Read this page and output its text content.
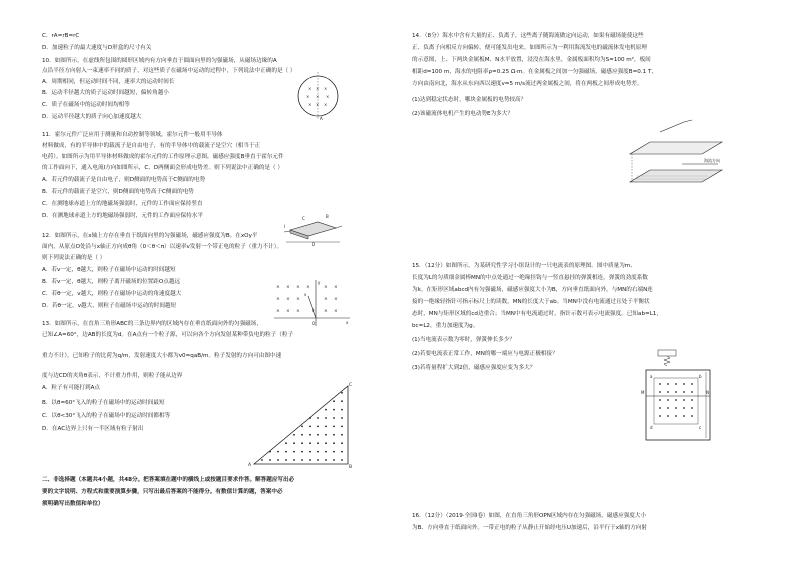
C．rA=rB=rC
D．加速粒子的最大速度与D形盒的尺寸有关
10．如图所示，在虚线所包围的圆形区域内有方向垂直于圆面向里的匀强磁场，从磁场边缘的A
点沿半径方向射入一束速率不同的质子，对这些质子在磁场中运动的过程中，下列说法中正确的是（ ）
A．周期相同，但运动时间不同，速率大的运动时间长
B．运动半径越大的质子运动时间越短，偏转角越小
C．质子在磁场中的运动时间均相等
D．运动半径越大的质子向心加速度越大
11．霍尔元件广泛应用于测量和自动控制等领域，霍尔元件一般用半导体
材料做成，有的半导体中的载流子是自由电子，有的半导体中的载流子是空穴（相当于正
电荷）。如图所示为用半导体材料做成的霍尔元件的工作原理示意图，磁感应强度B垂直于霍尔元件
的工作面向下，通入电流I方向如图所示，C、D两侧面会形成电势差。则下列说法中正确的是（ ）
A．若元件的载流子是自由电子，则D侧面的电势高于C侧面的电势
B．若元件的载流子是空穴，则D侧面的电势高于C侧面的电势
C．在测地球赤道上方的地磁场强弱时，元件的工作面应保持竖直
D．在测地球赤道上方的地磁场强弱时，元件的工作面应保持水平
12．如图所示，在x轴上方存在垂直于纸面向里的匀强磁场，磁感应强度为B。在xOy平
面内，从原点O处沿与x轴正方向成θ角（0＜θ＜π）以速率v发射一个带正电的粒子（重力不计）。
则下列说法正确的是（ ）
A．若v一定，θ越大，则粒子在磁场中运动的时间越短
B．若v一定，θ越大，则粒子离开磁场的位置距O点越远
C．若θ一定，v越大，则粒子在磁场中运动的角速度越大
D．若θ一定，v越大，则粒子在磁场中运动的时间越短
13．如图所示，在直角三角形ABC的三条边界内的区域内存在垂直纸面向外的匀强磁场，
已知∠A=60°，边AB的长度为d。在A点有一个粒子源，可以向各个方向发射某种带负电的粒子（粒子
重力不计），已知粒子的比荷为q/m，发射速度大小都为v0=qaB/m。粒子发射的方向可由图中速
度与边CD的夹角θ表示，不计重力作用，则粒子能从边界
A．粒子有可能打到A点
B．以θ=60°飞入的粒子在磁场中的运动时间最短
C．以θ<30°飞入的粒子在磁场中的运动时间都相等
D．在AC边界上只有一半区域有粒子射出
二、非选择题（本题共4小题，共48分。把答案填在题中的横线上或按题目要求作答。解答题应写出必
要的文字说明、方程式和重要演算步骤，只写出最后答案的不能得分。有数值计算的题，答案中必
须明确写出数值和单位）
× × ×
× × ×
× × ×
A
C
D
I
B
× × × ×	× ×
× × ×	× ×
× × ×	× ×
y
x
O
θ
v
A	B
C
14．（8分）海水中含有大量的正、负离子，这些离子随海流做定向运动，如果有磁场能使这些
正、负离子向相反方向偏转，便可能发出电来。如图所示为一利用海流发电的磁流体发电机原理
的示意图，上、下两块金属板M、N水平放置，浸没在海水里，金属板面积均为S=100 m²，板间
相距d=100 m，海水的电阻率ρ=0.25 Ω·m。在金属板之间加一匀强磁场，磁感应强度B=0.1 T，
方向由南向北，海水从东向西以速度v=5 m/s流过两金属板之间，将在两板之间形成电势差。
(1)达到稳定状态时，哪块金属板的电势较高？
(2)该磁流体电机产生的电动势E为多大？
15．（12分）如图所示，为某研究性学习小组设计的一只电流表的原理图。图中质量为m、
长度为L的匀质细金属棒MN的中点处通过一绝缘挂钩与一竖直悬挂的弹簧相连，弹簧的劲度系数
为k。在矩形区域abcd内有匀强磁场，磁感应强度大小为B，方向垂直纸面向外。与MN的右端N连
接的一绝缘轻指针可指示标尺上的读数，MN的长度大于ab。当MN中没有电流通过且处于平衡状
态时，MN与矩形区域的cd边重合；当MN中有电流通过时，指针示数可表示电流强度。已知ab=L1，
bc=L2，重力加速度为g。
(1)当电流表示数为零时，弹簧伸长多少？
(2)若要电流表正常工作，MN的哪一端应与电源正极相接？
(3)若将量程扩大到2倍，磁感应强度应变为多大？
16．（12分）（2019·全国Ⅰ卷）如图，在直角三角形OPN区域内存在匀强磁场，磁感应强度大小
为B、方向垂直于纸面向外。一带正电的粒子从静止开始经电压U加速后，沿平行于x轴的方向射
海流方向
M	N
a	b
c
d
